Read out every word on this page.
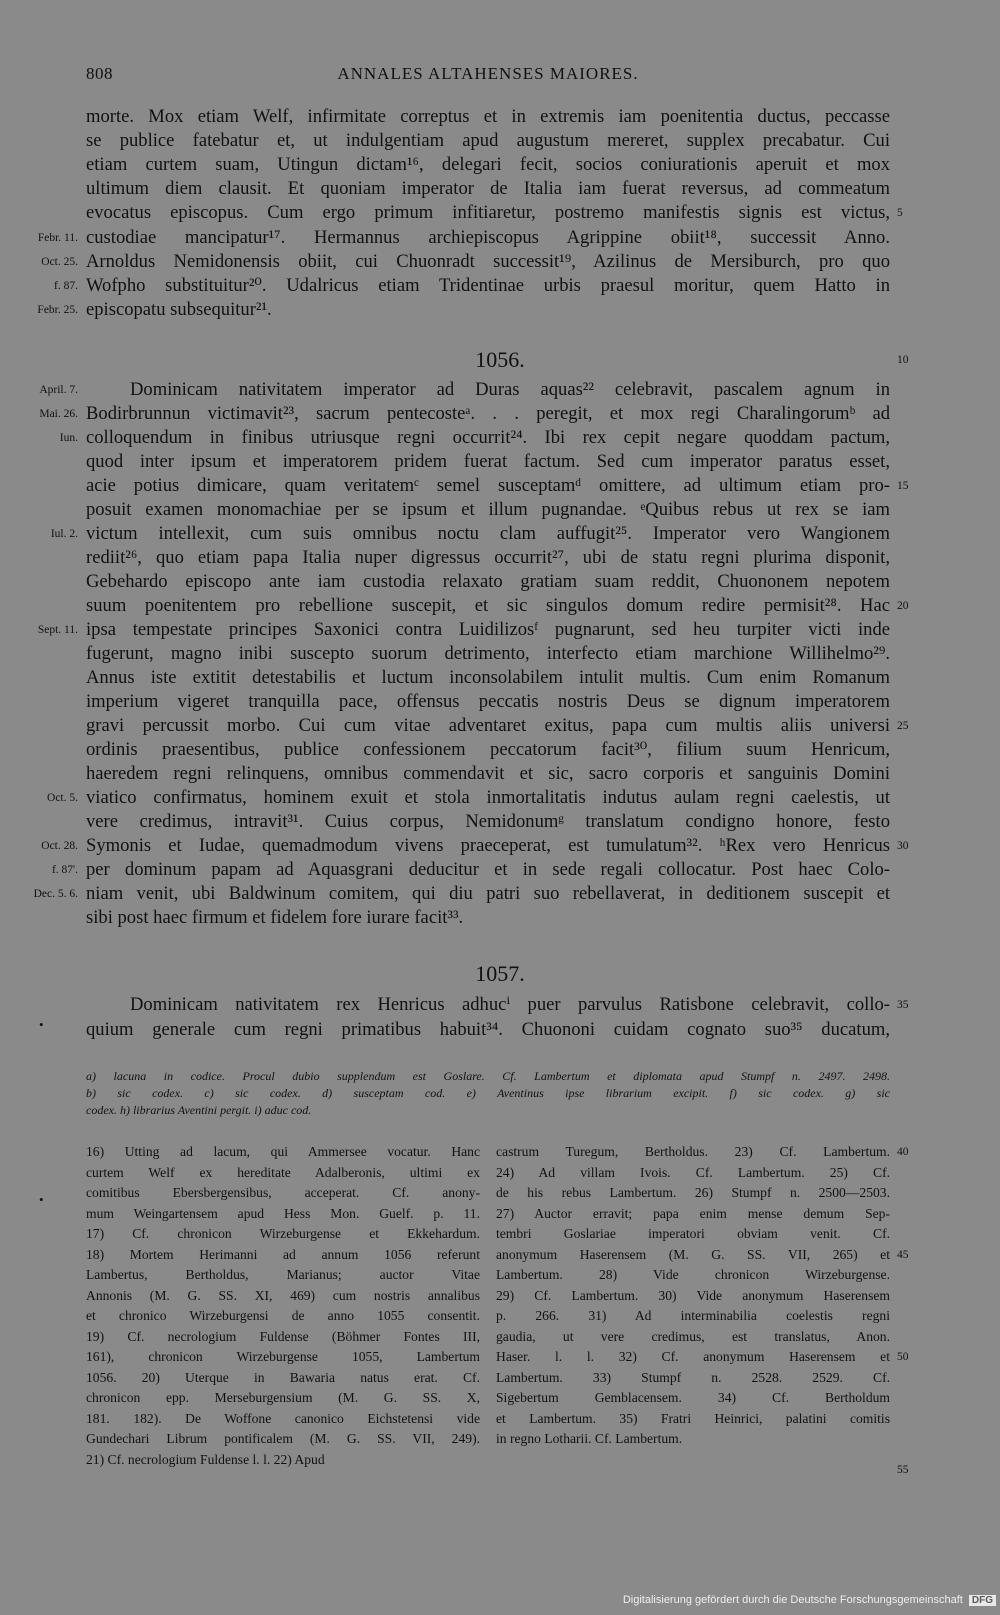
808	ANNALES ALTAHENSES MAIORES.
morte. Mox etiam Welf, infirmitate correptus et in extremis iam poenitentia ductus, peccasse
se publice fatebatur et, ut indulgentiam apud augustum mereret, supplex precabatur. Cui
etiam curtem suam, Utingun dictam¹⁶, delegari fecit, socios coniurationis aperuit et mox
ultimum diem clausit. Et quoniam imperator de Italia iam fuerat reversus, ad commeatum
evocatus episcopus. Cum ergo primum infitiaretur, postremo manifestis signis est victus, 5
custodiae mancipatur¹⁷. Hermannus archiepiscopus Agrippine obiit¹⁸, successit Anno.
Febr. 11.
Arnoldus Nemidonensis obiit, cui Chuonradt successit¹⁹, Azilinus de Mersiburch, pro quo
Oct. 25.
Wofpho substituitur²⁰. Udalricus etiam Tridentinae urbis praesul moritur, quem Hatto in
f. 87.
episcopatu subsequitur²¹.
Febr. 25.
1056.	10
Dominicam nativitatem imperator ad Duras aquas²² celebravit, pascalem agnum in
April. 7.
Bodirbrunnun victimavit²³, sacrum pentecosteᵃ. . . peregit, et mox regi Charalingorumᵇ ad
Mai. 26.
colloquendum in finibus utriusque regni occurrit²⁴. Ibi rex cepit negare quoddam pactum,
Iun.
quod inter ipsum et imperatorem pridem fuerat factum. Sed cum imperator paratus esset,
acie potius dimicare, quam veritatemᶜ semel susceptamᵈ omittere, ad ultimum etiam pro- 15
posuit examen monomachiae per se ipsum et illum pugnandae. ᵉQuibus rebus ut rex se iam
victum intellexit, cum suis omnibus noctu clam auffugit²⁵. Imperator vero Wangionem
Iul. 2.
rediit²⁶, quo etiam papa Italia nuper digressus occurrit²⁷, ubi de statu regni plurima disponit,
Gebehardo episcopo ante iam custodia relaxato gratiam suam reddit, Chuononem nepotem
suum poenitentem pro rebellione suscepit, et sic singulos domum redire permisit²⁸. Hac 20
ipsa tempestate principes Saxonici contra Luidilizosᶠ pugnarunt, sed heu turpiter victi inde
Sept. 11.
fugerunt, magno inibi suscepto suorum detrimento, interfecto etiam marchione Willihelmo²⁹.
Annus iste extitit detestabilis et luctum inconsolabilem intulit multis. Cum enim Romanum
imperium vigeret tranquilla pace, offensus peccatis nostris Deus se dignum imperatorem
gravi percussit morbo. Cui cum vitae adventaret exitus, papa cum multis aliis universi 25
ordinis praesentibus, publice confessionem peccatorum facit³⁰, filium suum Henricum,
haeredem regni relinquens, omnibus commendavit et sic, sacro corporis et sanguinis Domini
viatico confirmatus, hominem exuit et stola inmortalitatis indutus aulam regni caelestis, ut
Oct. 5.
vere credimus, intravit³¹. Cuius corpus, Nemidonumᵍ translatum condigno honore, festo
Symonis et Iudae, quemadmodum vivens praeceperat, est tumulatum³². ʰRex vero Henricus
Oct. 28.	30
per dominum papam ad Aquasgrani deducitur et in sede regali collocatur. Post haec Colo-
f. 87'.
niam venit, ubi Baldwinum comitem, qui diu patri suo rebellaverat, in deditionem suscepit et
Dec. 5. 6.
sibi post haec firmum et fidelem fore iurare facit³³.
1057.
Dominicam nativitatem rex Henricus adhucⁱ puer parvulus Ratisbone celebravit, collo- 35
quium generale cum regni primatibus habuit³⁴. Chuononi cuidam cognato suo³⁵ ducatum,
a) lacuna in codice. Procul dubio supplendum est Goslare. Cf. Lambertum et diplomata apud Stumpf n. 2497. 2498.
b) sic codex. c) sic codex. d) susceptam cod. e) Aventinus ipse librarium excipit. f) sic codex. g) sic
codex. h) librarius Aventini pergit. i) aduc cod.
16) Utting ad lacum, qui Ammersee vocatur. Hanc
curtem Welf ex hereditate Adalberonis, ultimi ex
comitibus Ebersbergensibus, acceperat. Cf. anony-
mum Weingartensem apud Hess Mon. Guelf. p. 11.
17) Cf. chronicon Wirzeburgense et Ekkehardum.
18) Mortem Herimanni ad annum 1056 referunt
Lambertus, Bertholdus, Marianus; auctor Vitae
Annonis (M. G. SS. XI, 469) cum nostris annalibus
et chronico Wirzeburgensi de anno 1055 consentit.
19) Cf. necrologium Fuldense (Böhmer Fontes III,
161), chronicon Wirzeburgense 1055, Lambertum
1056. 20) Uterque in Bawaria natus erat. Cf.
chronicon epp. Merseburgensium (M. G. SS. X,
181. 182). De Woffone canonico Eichstetensi vide
Gundechari Librum pontificalem (M. G. SS. VII, 249).
21) Cf. necrologium Fuldense l. l. 22) Apud
castrum Turegum, Bertholdus. 23) Cf. Lambertum.
24) Ad villam Ivois. Cf. Lambertum. 25) Cf.
de his rebus Lambertum. 26) Stumpf n. 2500—2503.
27) Auctor erravit; papa enim mense demum Sep-
tembri Goslariae imperatori obviam venit. Cf.
anonymum Haserensem (M. G. SS. VII, 265) et
Lambertum. 28) Vide chronicon Wirzeburgense.
29) Cf. Lambertum. 30) Vide anonymum Haserensem
p. 266. 31) Ad interminabilia coelestis regni
gaudia, ut vere credimus, est translatus, Anon.
Haser. l. l. 32) Cf. anonymum Haserensem et
Lambertum. 33) Stumpf n. 2528. 2529. Cf.
Sigebertum Gemblacensem. 34) Cf. Bertholdum
et Lambertum. 35) Fratri Heinrici, palatini comitis
in regno Lotharii. Cf. Lambertum.
40
45
50
55
•
•
Digitalisierung gefördert durch die Deutsche Forschungsgemeinschaft DFG
